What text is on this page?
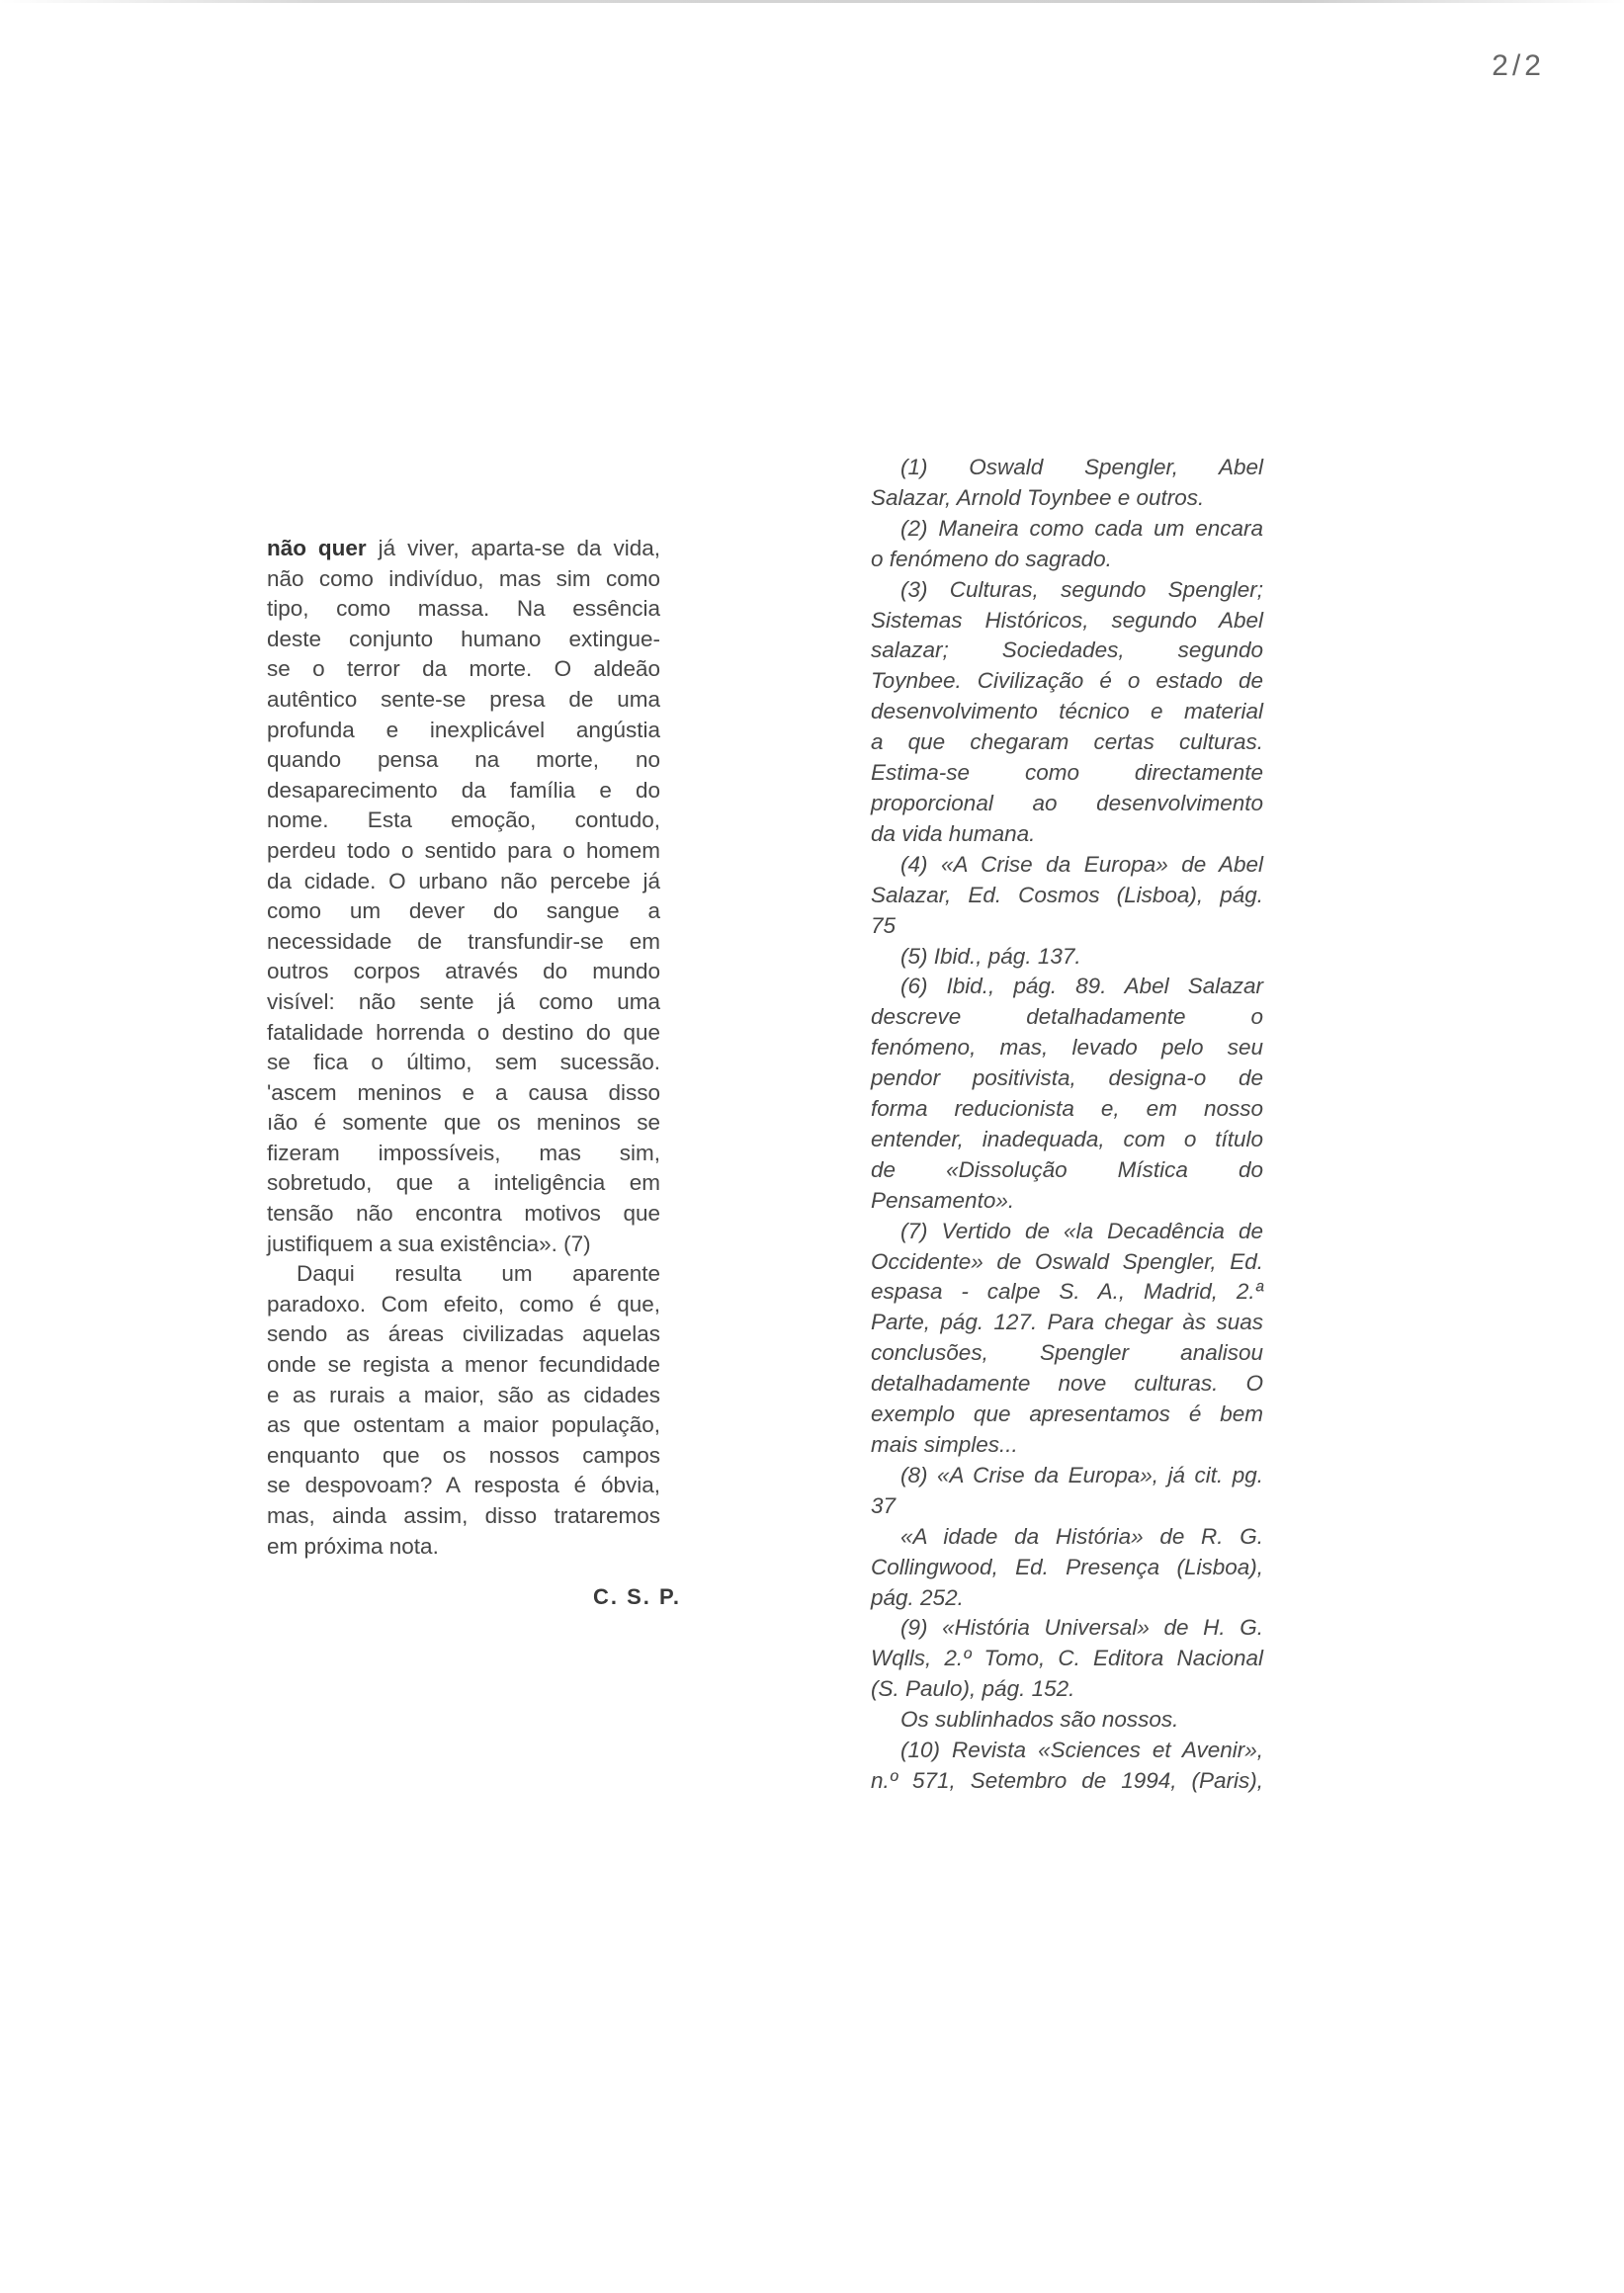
2/2
não quer já viver, aparta-se da vida,
não como indivíduo, mas sim como
tipo, como massa. Na essência
deste conjunto humano extingue-
se o terror da morte. O aldeão
autêntico sente-se presa de uma
profunda e inexplicável angústia
quando pensa na morte, no
desaparecimento da família e do
nome. Esta emoção, contudo,
perdeu todo o sentido para o homem
da cidade. O urbano não percebe já
como um dever do sangue a
necessidade de transfundir-se em
outros corpos através do mundo
visível: não sente já como uma
fatalidade horrenda o destino do que
se fica o último, sem sucessão.
'ascem meninos e a causa disso
ıão é somente que os meninos se
fizeram impossíveis, mas sim,
sobretudo, que a inteligência em
tensão não encontra motivos que
justifiquem a sua existência». (7)
Daqui resulta um aparente
paradoxo. Com efeito, como é que,
sendo as áreas civilizadas aquelas
onde se regista a menor fecundidade
e as rurais a maior, são as cidades
as que ostentam a maior população,
enquanto que os nossos campos
se despovoam? A resposta é óbvia,
mas, ainda assim, disso trataremos
em próxima nota.
C. S. P.
(1) Oswald Spengler, Abel
Salazar, Arnold Toynbee e outros.
(2) Maneira como cada um encara
o fenómeno do sagrado.
(3) Culturas, segundo Spengler;
Sistemas Históricos, segundo Abel
salazar; Sociedades, segundo
Toynbee. Civilização é o estado de
desenvolvimento técnico e material
a que chegaram certas culturas.
Estima-se como directamente
proporcional ao desenvolvimento
da vida humana.
(4) «A Crise da Europa» de Abel
Salazar, Ed. Cosmos (Lisboa), pág.
75
(5) Ibid., pág. 137.
(6) Ibid., pág. 89. Abel Salazar
descreve detalhadamente o
fenómeno, mas, levado pelo seu
pendor positivista, designa-o de
forma reducionista e, em nosso
entender, inadequada, com o título
de «Dissolução Mística do
Pensamento».
(7) Vertido de «la Decadência de
Occidente» de Oswald Spengler, Ed.
espasa - calpe S. A., Madrid, 2.ª
Parte, pág. 127. Para chegar às suas
conclusões, Spengler analisou
detalhadamente nove culturas. O
exemplo que apresentamos é bem
mais simples...
(8) «A Crise da Europa», já cit. pg.
37
«A idade da História» de R. G.
Collingwood, Ed. Presença (Lisboa),
pág. 252.
(9) «História Universal» de H. G.
Wqlls, 2.º Tomo, C. Editora Nacional
(S. Paulo), pág. 152.
Os sublinhados são nossos.
(10) Revista «Sciences et Avenir»,
n.º 571, Setembro de 1994, (Paris),
